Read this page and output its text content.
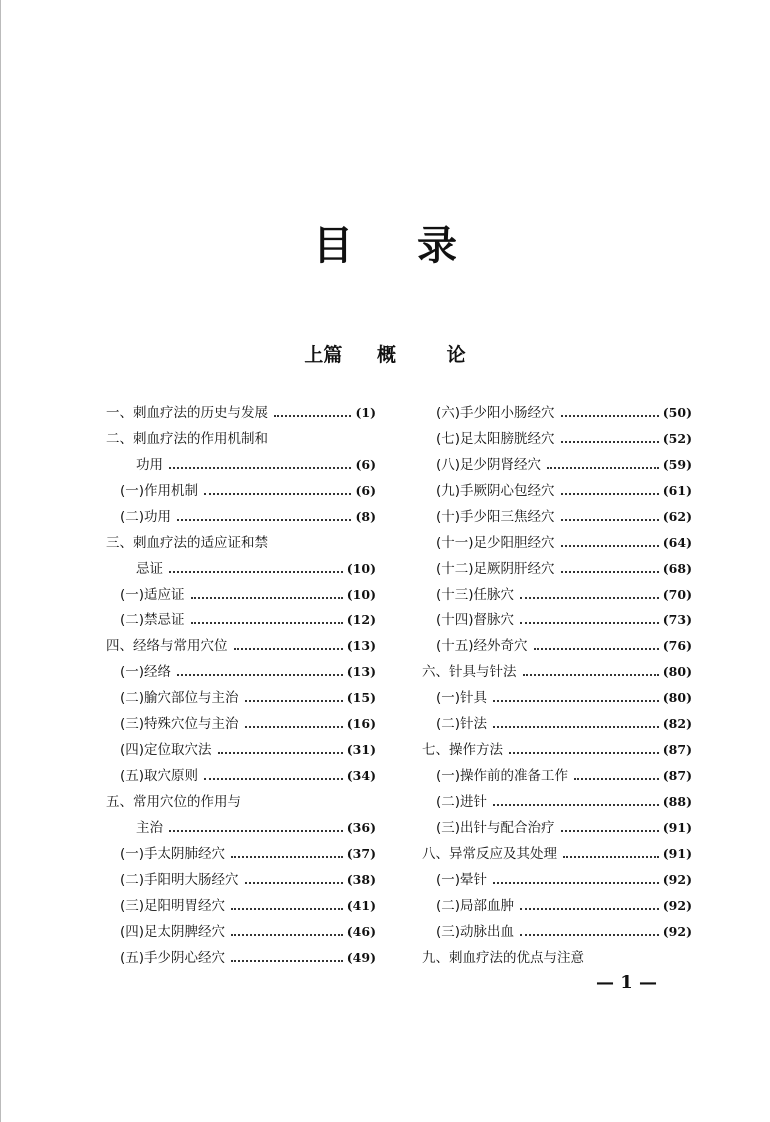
目 录
上篇 概	论
一、刺血疗法的历史与发展	(1)
二、刺血疗法的作用机制和
功用	(6)
(一)作用机制	(6)
(二)功用	(8)
三、刺血疗法的适应证和禁
忌证	(10)
(一)适应证	(10)
(二)禁忌证	(12)
四、经络与常用穴位	(13)
(一)经络	(13)
(二)腧穴部位与主治	(15)
(三)特殊穴位与主治	(16)
(四)定位取穴法	(31)
(五)取穴原则	(34)
五、常用穴位的作用与
主治	(36)
(一)手太阴肺经穴	(37)
(二)手阳明大肠经穴	(38)
(三)足阳明胃经穴	(41)
(四)足太阴脾经穴	(46)
(五)手少阴心经穴	(49)
(六)手少阳小肠经穴	(50)
(七)足太阳膀胱经穴	(52)
(八)足少阴肾经穴	(59)
(九)手厥阴心包经穴	(61)
(十)手少阳三焦经穴	(62)
(十一)足少阳胆经穴	(64)
(十二)足厥阴肝经穴	(68)
(十三)任脉穴	(70)
(十四)督脉穴	(73)
(十五)经外奇穴	(76)
六、针具与针法	(80)
(一)针具	(80)
(二)针法	(82)
七、操作方法	(87)
(一)操作前的准备工作	(87)
(二)进针	(88)
(三)出针与配合治疗	(91)
八、异常反应及其处理	(91)
(一)晕针	(92)
(二)局部血肿	(92)
(三)动脉出血	(92)
九、刺血疗法的优点与注意
— 1 —
